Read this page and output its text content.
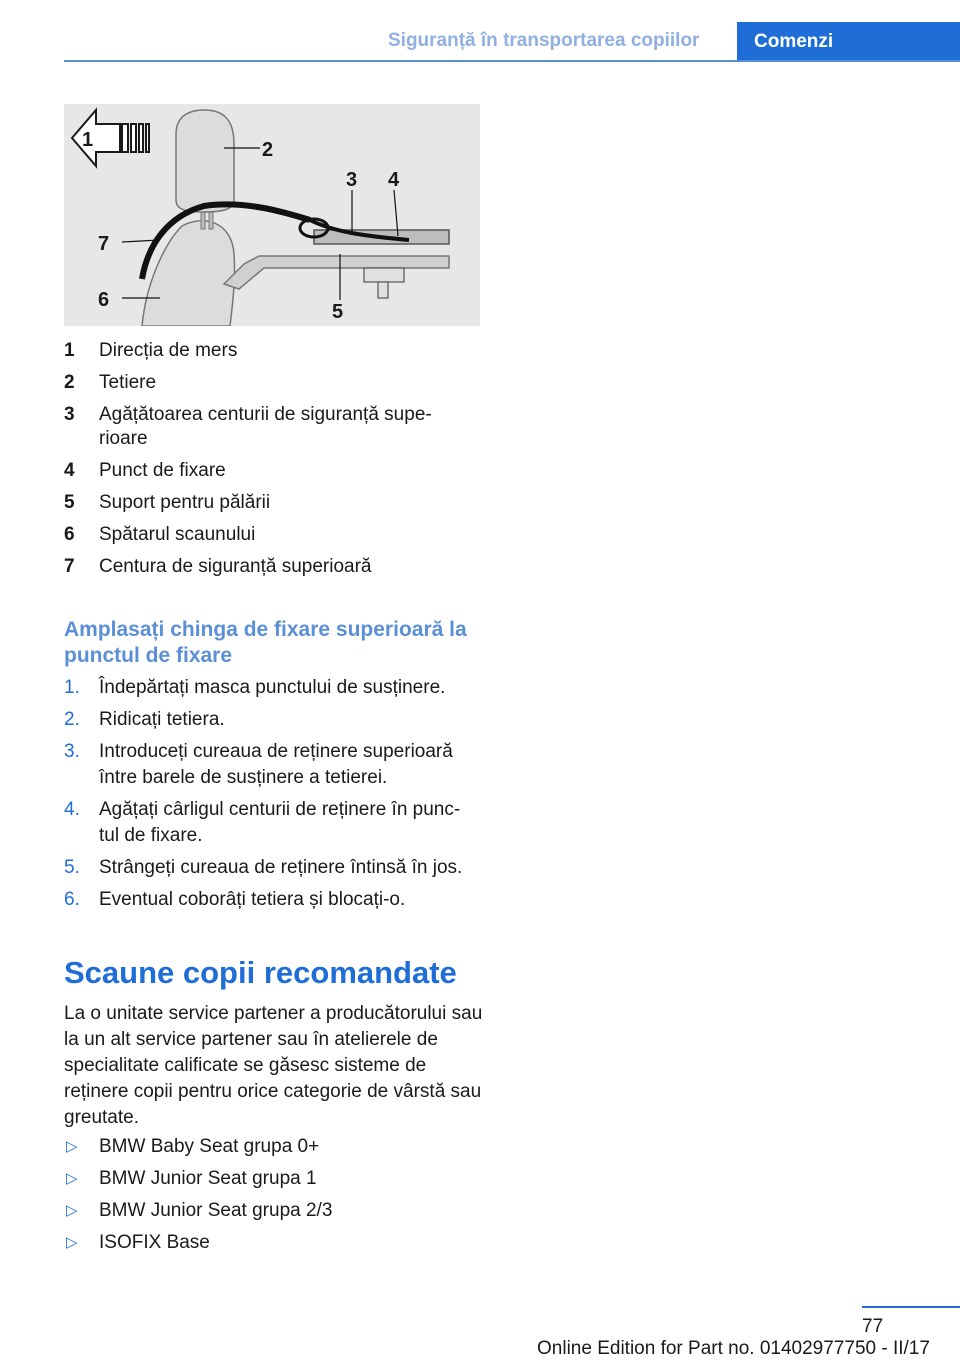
Siguranță în transportarea copiilor	Comenzi
1	2
3 4
5
6
7
1 Direcția de mers
2 Tetiere
3 Agățătoarea centurii de siguranță supe-
rioare
4 Punct de fixare
5 Suport pentru pălării
6 Spătarul scaunului
7 Centura de siguranță superioară
Amplasați chinga de fixare superioară la punctul de fixare
1. Îndepărtați masca punctului de susținere.
2. Ridicați tetiera.
3. Introduceți cureaua de reținere superioară între barele de susținere a tetierei.
4. Agățați cârligul centurii de reținere în punc-
tul de fixare.
5. Strângeți cureaua de reținere întinsă în jos.
6. Eventual coborâți tetiera și blocați-o.
Scaune copii recomandate

La o unitate service partener a producătorului sau la un alt service partener sau în atelierele de specialitate calificate se găsesc sisteme de reținere copii pentru orice categorie de vârstă sau greutate.

▷ BMW Baby Seat grupa 0+
▷ BMW Junior Seat grupa 1
▷ BMW Junior Seat grupa 2/3
▷ ISOFIX Base
77
Online Edition for Part no. 01402977750 - II/17
